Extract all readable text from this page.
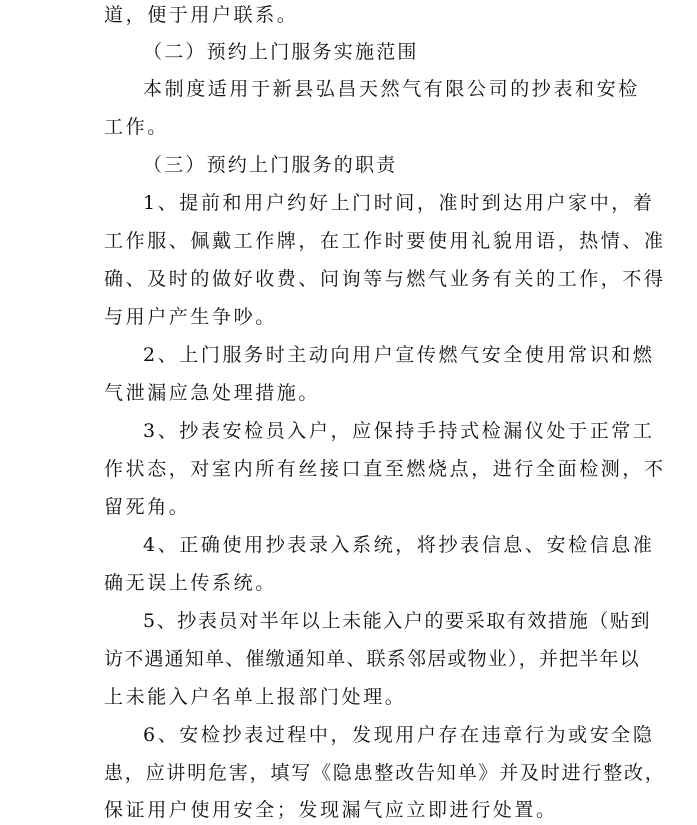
道，便于用户联系。
（二）预约上门服务实施范围
本制度适用于新县弘昌天然气有限公司的抄表和安检
工作。
（三）预约上门服务的职责
1、提前和用户约好上门时间，准时到达用户家中，着
工作服、佩戴工作牌，在工作时要使用礼貌用语，热情、准
确、及时的做好收费、问询等与燃气业务有关的工作，不得
与用户产生争吵。
2、上门服务时主动向用户宣传燃气安全使用常识和燃
气泄漏应急处理措施。
3、抄表安检员入户，应保持手持式检漏仪处于正常工
作状态，对室内所有丝接口直至燃烧点，进行全面检测，不
留死角。
4、正确使用抄表录入系统，将抄表信息、安检信息准
确无误上传系统。
5、抄表员对半年以上未能入户的要采取有效措施（贴到
访不遇通知单、催缴通知单、联系邻居或物业），并把半年以
上未能入户名单上报部门处理。
6、安检抄表过程中，发现用户存在违章行为或安全隐
患，应讲明危害，填写《隐患整改告知单》并及时进行整改，
保证用户使用安全；发现漏气应立即进行处置。
